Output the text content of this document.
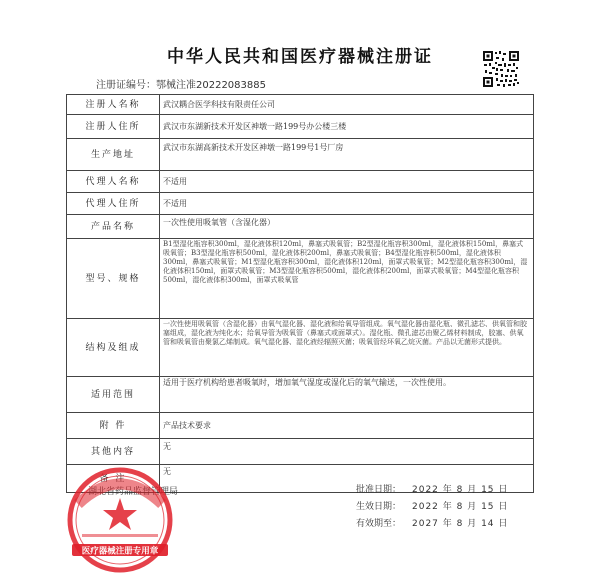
中华人民共和国医疗器械注册证
注册证编号：鄂械注准20222083885
注册人名称	武汉耦合医学科技有限责任公司
注册人住所	武汉市东湖新技术开发区神墩一路199号办公楼三楼
生产地址	武汉市东湖高新技术开发区神墩一路199号1号厂房
代理人名称	不适用
代理人住所	不适用
产品名称	一次性使用吸氧管（含湿化器）
型号、规格	B1型湿化瓶容积300ml，湿化液体积120ml，鼻塞式吸氧管；B2型湿化瓶容积300ml，湿化液体积150ml，鼻塞式吸氧管；B3型湿化瓶容积500ml，湿化液体积200ml，鼻塞式吸氧管；B4型湿化瓶容积500ml，湿化液体积300ml，鼻塞式吸氧管；M1型湿化瓶容积300ml，湿化液体积120ml，面罩式吸氧管；M2型湿化瓶容积300ml，湿化液体积150ml，面罩式吸氧管；M3型湿化瓶容积500ml，湿化液体积200ml，面罩式吸氧管；M4型湿化瓶容积500ml，湿化液体积300ml，面罩式吸氧管
结构及组成	一次性使用吸氧管（含湿化器）由氧气湿化器、湿化液和给氧导管组成。氧气湿化器由湿化瓶、微孔滤芯、供氧管和胶塞组成，湿化液为纯化水；给氧导管为吸氧管（鼻塞式或面罩式）。湿化瓶、微孔滤芯由聚乙烯材料制成，胶塞、供氧管和吸氧管由聚氯乙烯制成。氧气湿化器、湿化液经辐照灭菌；吸氧管经环氧乙烷灭菌。产品以无菌形式提供。
适用范围	适用于医疗机构给患者吸氧时，增加氧气湿度或湿化后的氧气输送，一次性使用。
附 件	产品技术要求
其他内容	无
备 注	无
湖北省药品监督管理局	批准日期： 2022 年 8 月 15 日
生效日期： 2022 年 8 月 15 日
有效期至： 2027 年 8 月 14 日
医疗器械注册专用章
